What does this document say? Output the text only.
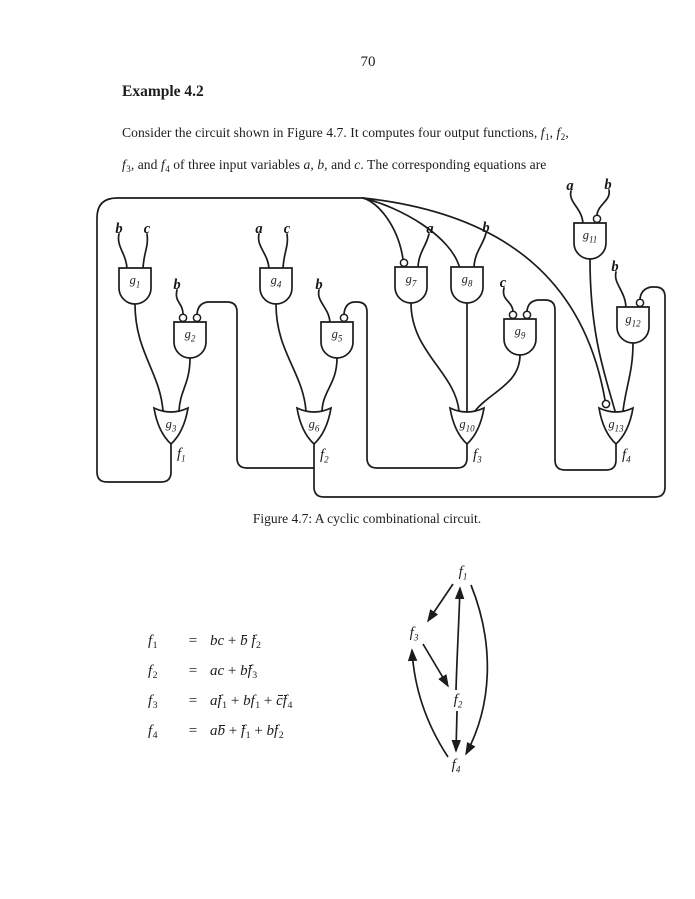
70
Example 4.2
Consider the circuit shown in Figure 4.7. It computes four output functions, $f_1$, $f_2$,
$f_3$, and $f_4$ of three input variables a, b, and c. The corresponding equations are
$g_1$
$g_2$
$g_3$
$g_4$
$g_5$
$g_6$
$g_7$	$g_8$
$g_9$
$g_{10}$
$g_{11}$
$g_{12}$
$g_{13}$
b c
b
a c
b
a	b
c
a b
b
$f_1$	$f_2$	$f_3$	$f_4$
Figure 4.7: A cyclic combinational circuit.
$f_1$	= bc + b $f_2$
$f_2$	= ac + $bf_3$
$f_3$	= $af_1 + bf_1 + cf_4$
$f_4$	= ab + $f_1 + bf_2$
$f_1$
$f_3$
$f_2$
$f_4$
